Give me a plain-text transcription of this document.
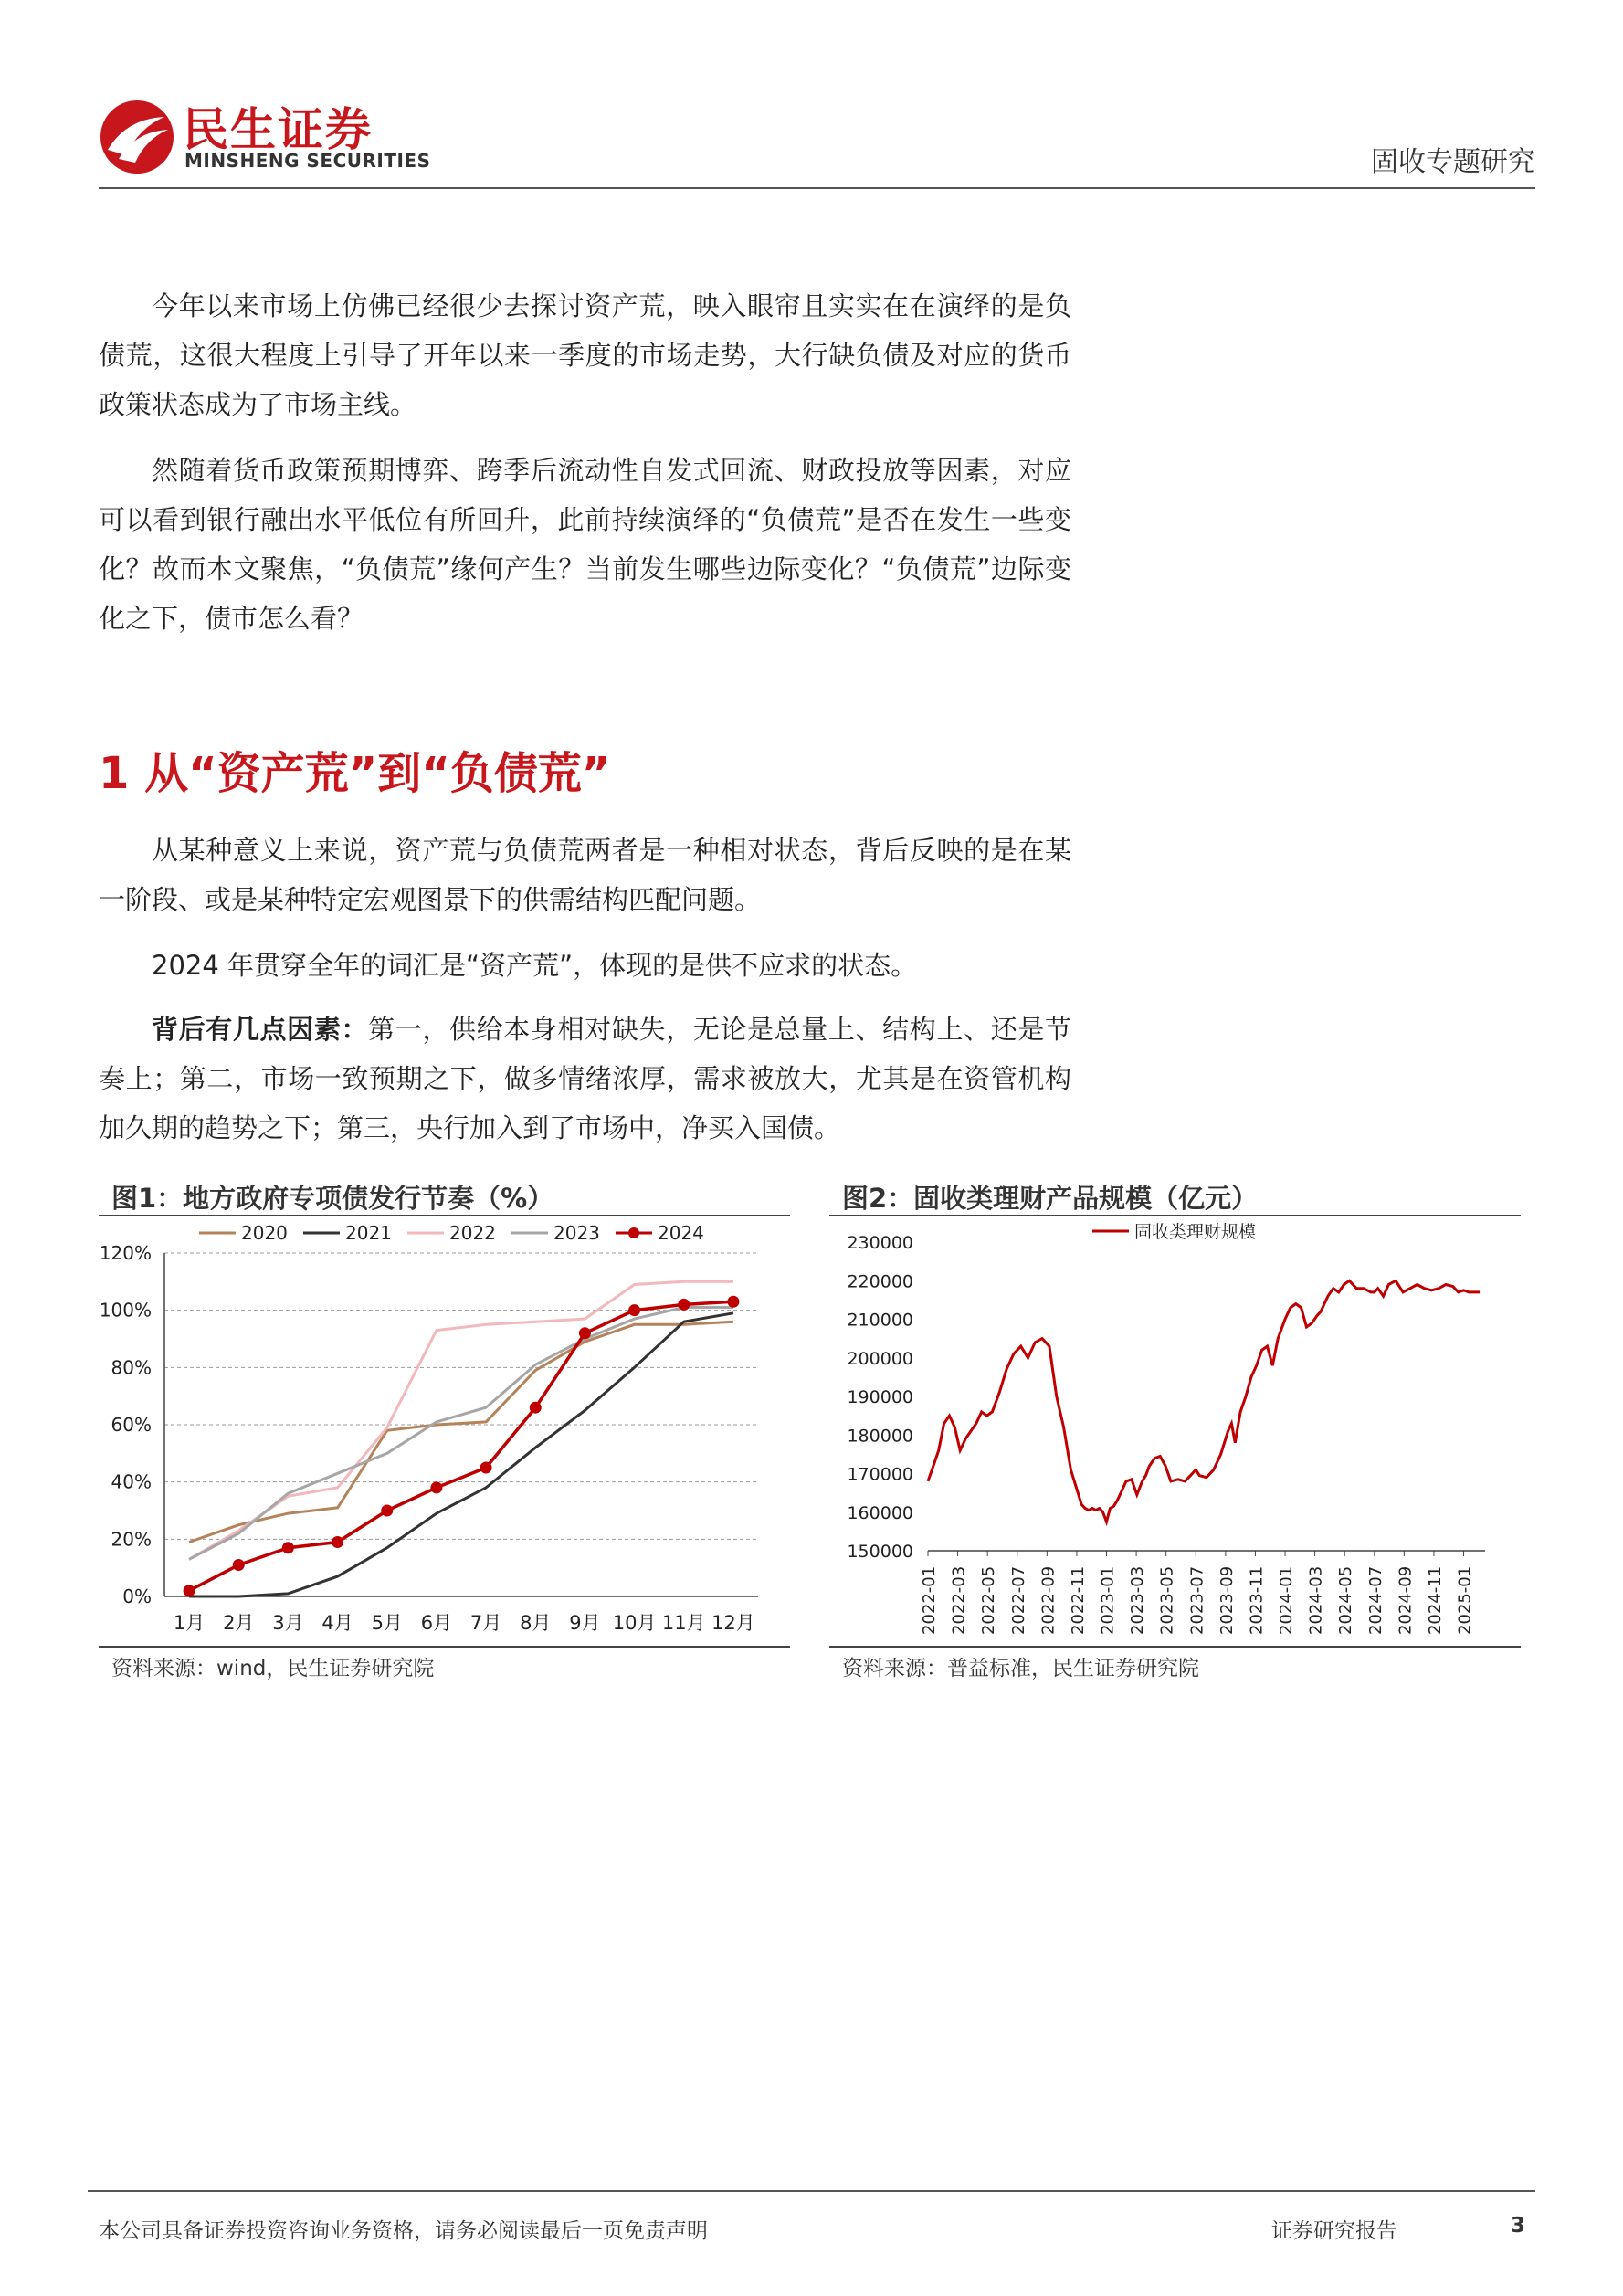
民生证券
MINSHENG SECURITIES	固收专题研究

今年以来市场上仿佛已经很少去探讨资产荒，映入眼帘且实实在在演绎的是负债荒，这很大程度上引导了开年以来一季度的市场走势，大行缺负债及对应的货币政策状态成为了市场主线。

然随着货币政策预期博弈、跨季后流动性自发式回流、财政投放等因素，对应可以看到银行融出水平低位有所回升，此前持续演绎的“负债荒”是否在发生一些变化？故而本文聚焦，“负债荒”缘何产生？当前发生哪些边际变化？“负债荒”边际变化之下，债市怎么看？

1 从“资产荒”到“负债荒”

从某种意义上来说，资产荒与负债荒两者是一种相对状态，背后反映的是在某一阶段、或是某种特定宏观图景下的供需结构匹配问题。

2024 年贯穿全年的词汇是“资产荒”，体现的是供不应求的状态。

背后有几点因素：第一，供给本身相对缺失，无论是总量上、结构上、还是节奏上；第二，市场一致预期之下，做多情绪浓厚，需求被放大，尤其是在资管机构加久期的趋势之下；第三，央行加入到了市场中，净买入国债。

图1：地方政府专项债发行节奏（%）
0%
20%
40%
60%
80%
100%
120%
1月 2月 3月 4月 5月 6月 7月 8月 9月 10月 11月 12月
2020	2021	2022	2023	2024
资料来源：wind，民生证券研究院
图2：固收类理财产品规模（亿元）
150000
160000
170000
180000
190000
200000
210000
220000
230000
2022-01 2022-03 2022-05 2022-07 2022-09 2022-11 2023-01 2023-03 2023-05 2023-07 2023-09 2023-11 2024-01 2024-03 2024-05 2024-07 2024-09 2024-11 2025-01
固收类理财规模
资料来源：普益标准，民生证券研究院
本公司具备证券投资咨询业务资格，请务必阅读最后一页免责声明	证券研究报告	3
